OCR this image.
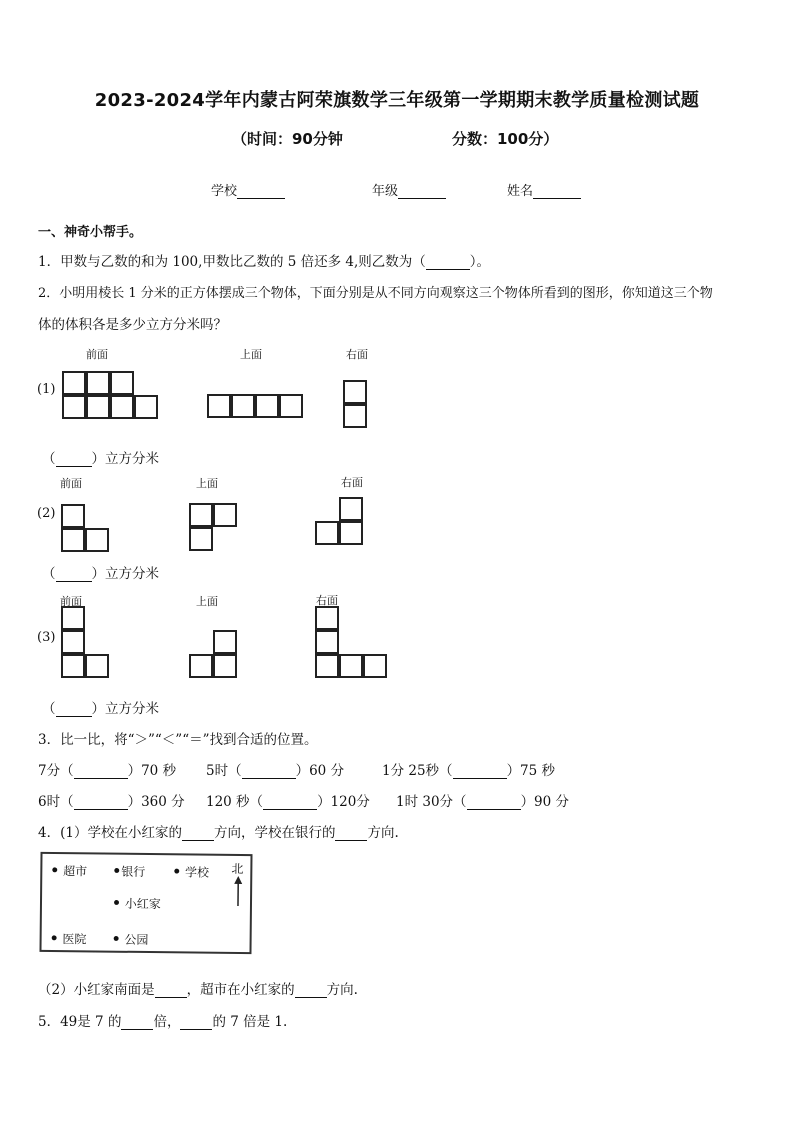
2023-2024学年内蒙古阿荣旗数学三年级第一学期期末教学质量检测试题
（时间：90分钟	分数：100分）
学校	年级	姓名
一、神奇小帮手。
1．甲数与乙数的和为 100,甲数比乙数的 5 倍还多 4,则乙数为（	）。
2．小明用棱长 1 分米的正方体摆成三个物体，下面分别是从不同方向观察这三个物体所看到的图形，你知道这三个物
体的体积各是多少立方分米吗？
前面	上面	右面
(1)
（	）立方分米
前面	上面	右面
(2)
（	）立方分米
前面	上面	右面
(3)
（	）立方分米
3．比一比，将“＞”“＜”“＝”找到合适的位置。
7分（	）70 秒 5时（	）60 分	1分 25秒（	）75 秒
6时（	）360 分 120 秒（	）120分 1时 30分（	）90 分
4．(1）学校在小红家的 方向，学校在银行的 方向.
• 超市 •银行 • 学校 北
• 小红家
• 医院 • 公园
（2）小红家南面是 ，超市在小红家的 方向.
5．49是 7 的 倍， 的 7 倍是 1.
